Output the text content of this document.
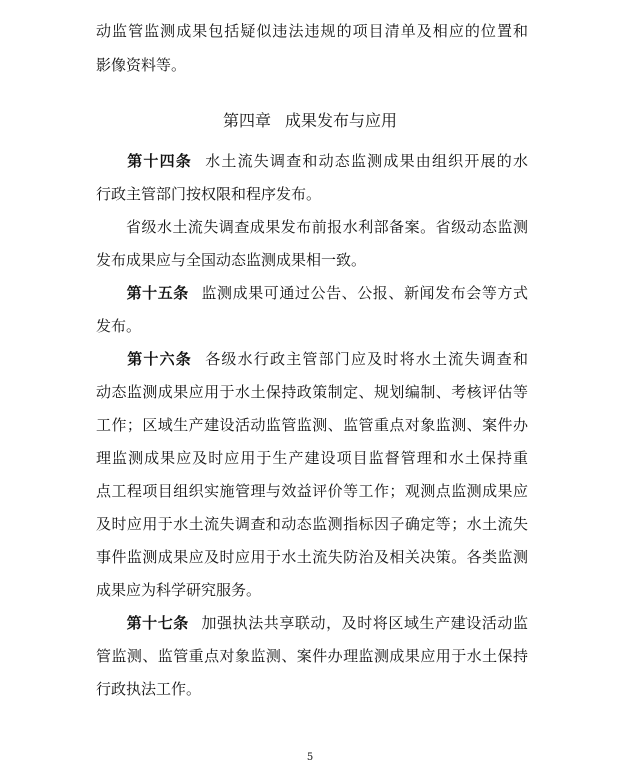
动监管监测成果包括疑似违法违规的项目清单及相应的位置和
影像资料等。
第四章 成果发布与应用
第十四条 水土流失调查和动态监测成果由组织开展的水
行政主管部门按权限和程序发布。
省级水土流失调查成果发布前报水利部备案。省级动态监测
发布成果应与全国动态监测成果相一致。
第十五条 监测成果可通过公告、公报、新闻发布会等方式
发布。
第十六条 各级水行政主管部门应及时将水土流失调查和
动态监测成果应用于水土保持政策制定、规划编制、考核评估等
工作；区域生产建设活动监管监测、监管重点对象监测、案件办
理监测成果应及时应用于生产建设项目监督管理和水土保持重
点工程项目组织实施管理与效益评价等工作；观测点监测成果应
及时应用于水土流失调查和动态监测指标因子确定等；水土流失
事件监测成果应及时应用于水土流失防治及相关决策。各类监测
成果应为科学研究服务。
第十七条 加强执法共享联动，及时将区域生产建设活动监
管监测、监管重点对象监测、案件办理监测成果应用于水土保持
行政执法工作。
5
